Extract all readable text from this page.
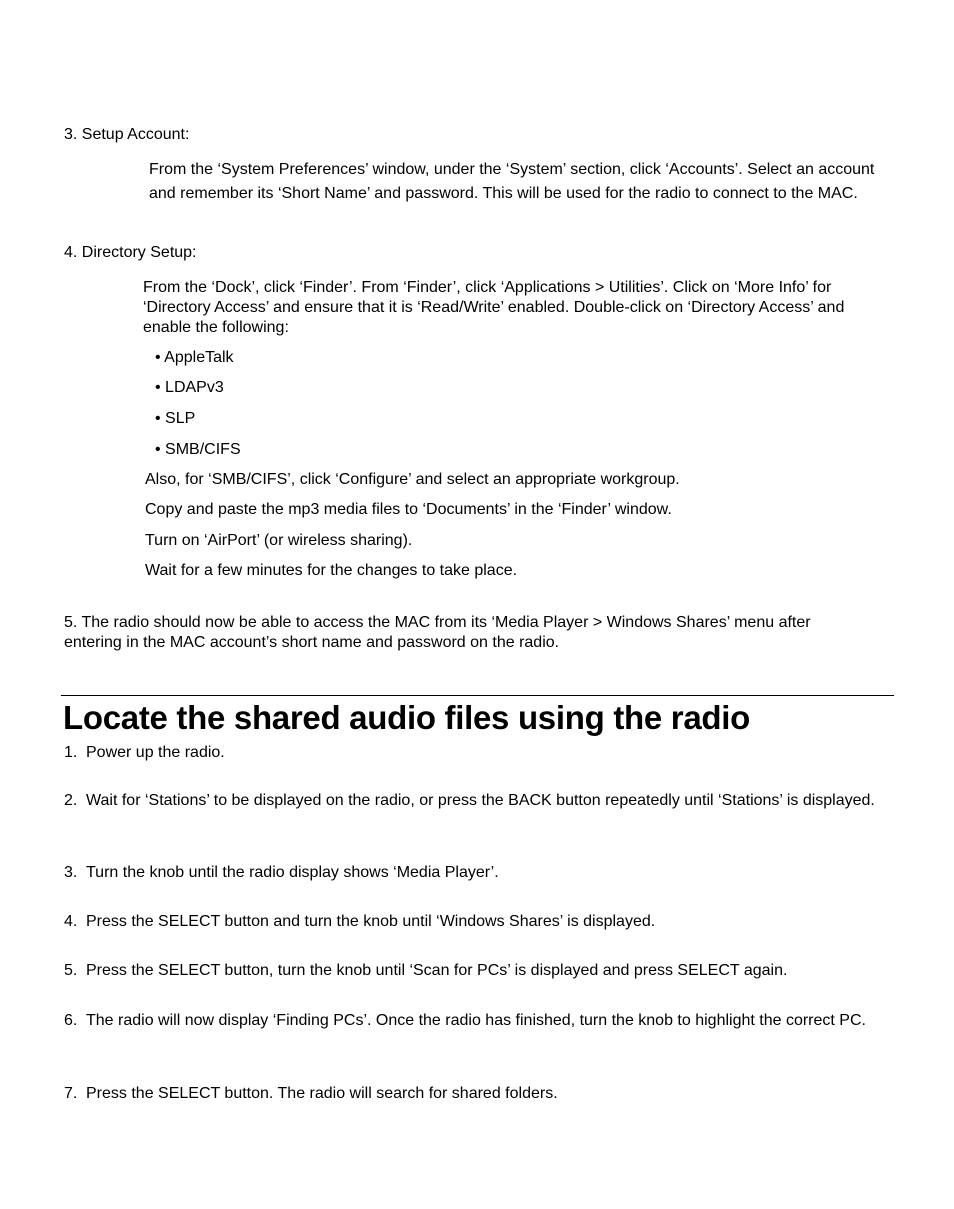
3. Setup Account:
From the ‘System Preferences’ window, under the ‘System’ section, click ‘Accounts’. Select an account and remember its ‘Short Name’ and password. This will be used for the radio to connect to the MAC.
4. Directory Setup:
From the ‘Dock’, click ‘Finder’. From ‘Finder’, click ‘Applications > Utilities’. Click on ‘More Info’ for ‘Directory Access’ and ensure that it is ‘Read/Write’ enabled. Double-click on ‘Directory Access’ and enable the following:
• AppleTalk
• LDAPv3
• SLP
• SMB/CIFS
Also, for ‘SMB/CIFS’, click ‘Configure’ and select an appropriate workgroup.
Copy and paste the mp3 media files to ‘Documents’ in the ‘Finder’ window.
Turn on ‘AirPort’ (or wireless sharing).
Wait for a few minutes for the changes to take place.
5. The radio should now be able to access the MAC from its ‘Media Player > Windows Shares’ menu after entering in the MAC account’s short name and password on the radio.
Locate the shared audio files using the radio
1. Power up the radio.
2. Wait for ‘Stations’ to be displayed on the radio, or press the BACK button repeatedly until ‘Stations’ is displayed.
3. Turn the knob until the radio display shows ‘Media Player’.
4. Press the SELECT button and turn the knob until ‘Windows Shares’ is displayed.
5. Press the SELECT button, turn the knob until ‘Scan for PCs’ is displayed and press SELECT again.
6. The radio will now display ‘Finding PCs’. Once the radio has finished, turn the knob to highlight the correct PC.
7. Press the SELECT button. The radio will search for shared folders.
